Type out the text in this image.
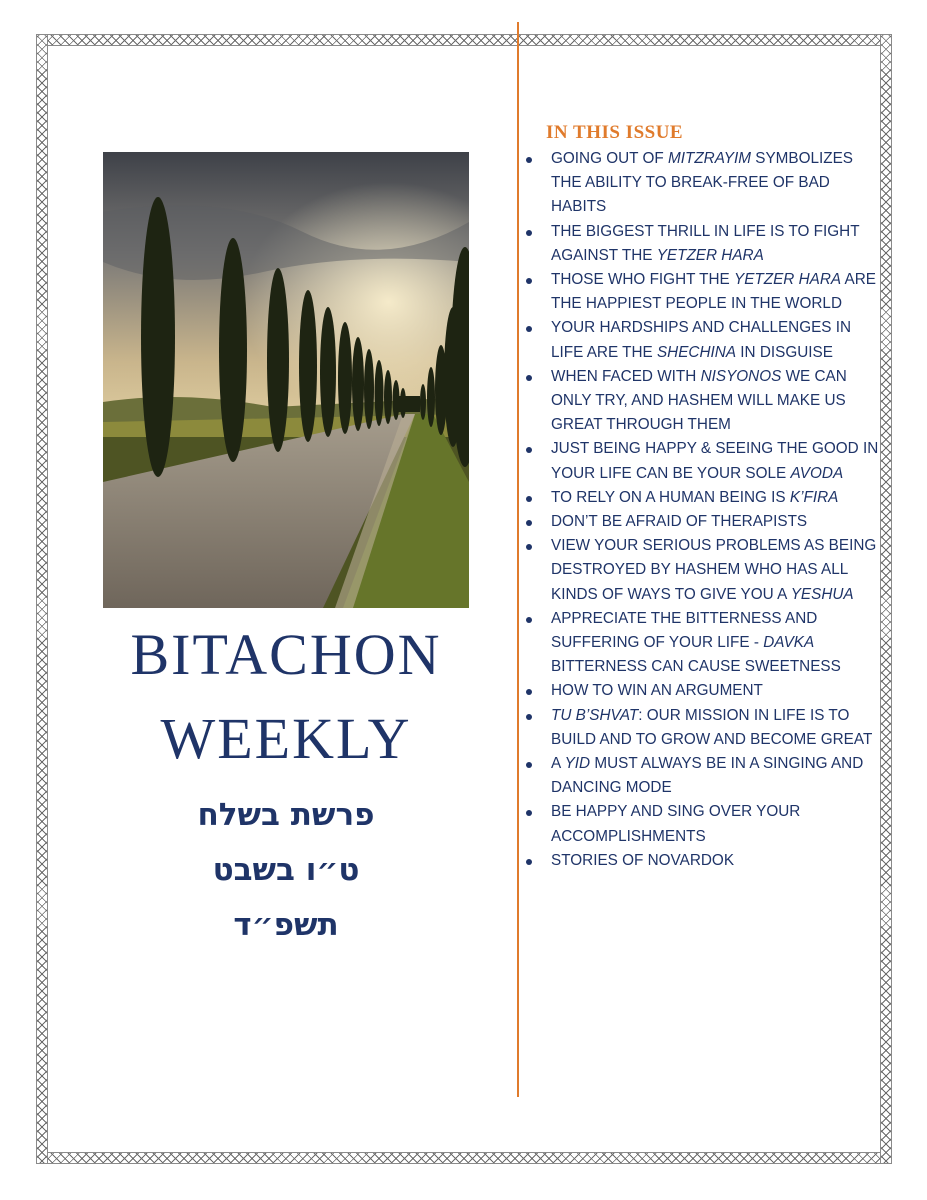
BITACHON
WEEKLY

פרשת בשלח

ט״ו בשבט

תשפ״ד

IN THIS ISSUE
GOING OUT OF MITZRAYIM SYMBOLIZES THE ABILITY TO BREAK-FREE OF BAD HABITS
THE BIGGEST THRILL IN LIFE IS TO FIGHT AGAINST THE YETZER HARA
THOSE WHO FIGHT THE YETZER HARA ARE THE HAPPIEST PEOPLE IN THE WORLD
YOUR HARDSHIPS AND CHALLENGES IN LIFE ARE THE SHECHINA IN DISGUISE
WHEN FACED WITH NISYONOS WE CAN ONLY TRY, AND HASHEM WILL MAKE US GREAT THROUGH THEM
JUST BEING HAPPY & SEEING THE GOOD IN YOUR LIFE CAN BE YOUR SOLE AVODA
TO RELY ON A HUMAN BEING IS K’FIRA
DON’T BE AFRAID OF THERAPISTS
VIEW YOUR SERIOUS PROBLEMS AS BEING DESTROYED BY HASHEM WHO HAS ALL KINDS OF WAYS TO GIVE YOU A YESHUA
APPRECIATE THE BITTERNESS AND SUFFERING OF YOUR LIFE - DAVKA BITTERNESS CAN CAUSE SWEETNESS
HOW TO WIN AN ARGUMENT
TU B’SHVAT: OUR MISSION IN LIFE IS TO BUILD AND TO GROW AND BECOME GREAT
A YID MUST ALWAYS BE IN A SINGING AND DANCING MODE
BE HAPPY AND SING OVER YOUR ACCOMPLISHMENTS
STORIES OF NOVARDOK
